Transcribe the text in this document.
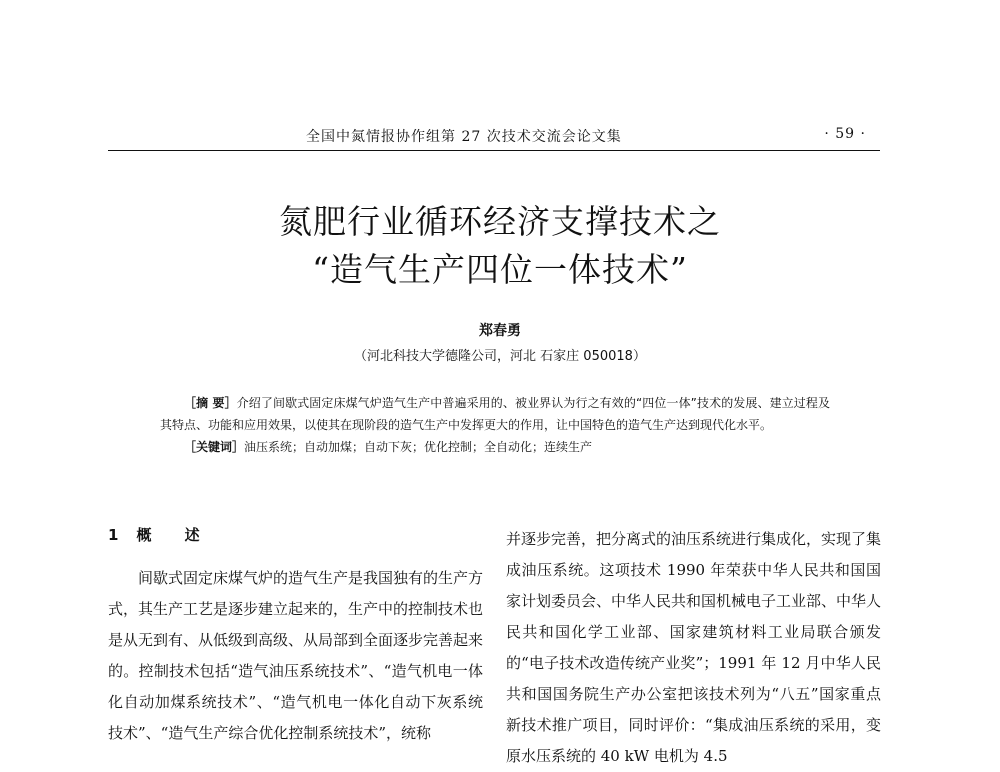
全国中氮情报协作组第 27 次技术交流会论文集	· 59 ·
氮肥行业循环经济支撑技术之
“造气生产四位一体技术”
郑春勇
（河北科技大学德隆公司，河北 石家庄 050018）

［摘 要］介绍了间歇式固定床煤气炉造气生产中普遍采用的、被业界认为行之有效的“四位一体”技术的发展、建立过程及其特点、功能和应用效果，以使其在现阶段的造气生产中发挥更大的作用，让中国特色的造气生产达到现代化水平。

［关键词］油压系统；自动加煤；自动下灰；优化控制；全自动化；连续生产

1 概 述

间歇式固定床煤气炉的造气生产是我国独有的生产方式，其生产工艺是逐步建立起来的，生产中的控制技术也是从无到有、从低级到高级、从局部到全面逐步完善起来的。控制技术包括“造气油压系统技术”、“造气机电一体化自动加煤系统技术”、“造气机电一体化自动下灰系统技术”、“造气生产综合优化控制系统技术”，统称

并逐步完善，把分离式的油压系统进行集成化，实现了集成油压系统。这项技术 1990 年荣获中华人民共和国国家计划委员会、中华人民共和国机械电子工业部、中华人民共和国化学工业部、国家建筑材料工业局联合颁发的“电子技术改造传统产业奖”；1991 年 12 月中华人民共和国国务院生产办公室把该技术列为“八五”国家重点新技术推广项目，同时评价：“集成油压系统的采用，变原水压系统的 40 kW 电机为 4.5
